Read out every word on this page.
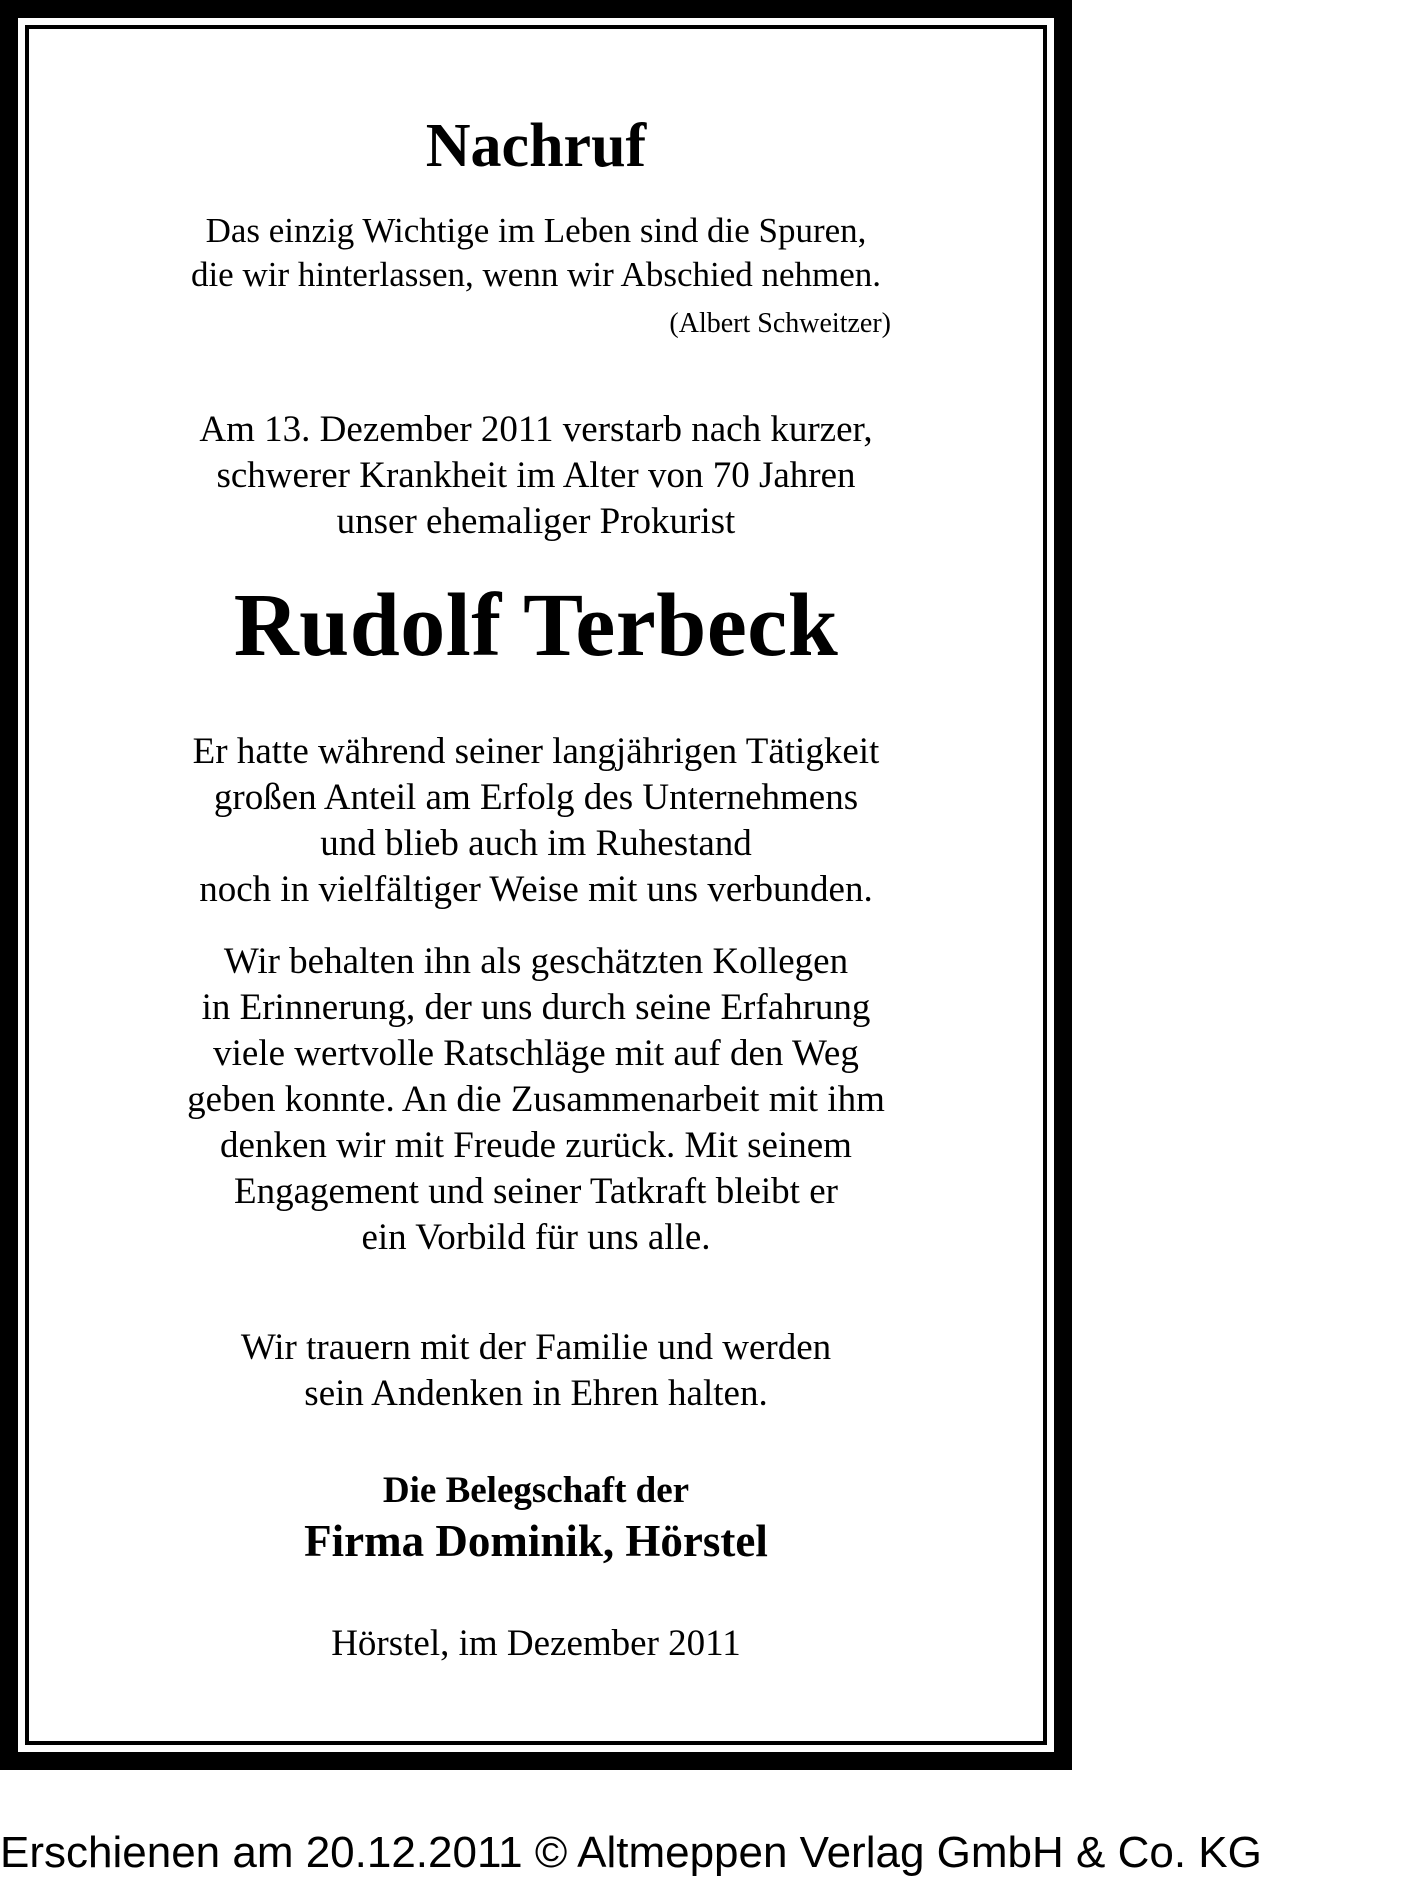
Nachruf
Das einzig Wichtige im Leben sind die Spuren,
die wir hinterlassen, wenn wir Abschied nehmen.
(Albert Schweitzer)
Am 13. Dezember 2011 verstarb nach kurzer,
schwerer Krankheit im Alter von 70 Jahren
unser ehemaliger Prokurist
Rudolf Terbeck
Er hatte während seiner langjährigen Tätigkeit
großen Anteil am Erfolg des Unternehmens
und blieb auch im Ruhestand
noch in vielfältiger Weise mit uns verbunden.
Wir behalten ihn als geschätzten Kollegen
in Erinnerung, der uns durch seine Erfahrung
viele wertvolle Ratschläge mit auf den Weg
geben konnte. An die Zusammenarbeit mit ihm
denken wir mit Freude zurück. Mit seinem
Engagement und seiner Tatkraft bleibt er
ein Vorbild für uns alle.
Wir trauern mit der Familie und werden
sein Andenken in Ehren halten.
Die Belegschaft der
Firma Dominik, Hörstel
Hörstel, im Dezember 2011
Erschienen am 20.12.2011 © Altmeppen Verlag GmbH & Co. KG
